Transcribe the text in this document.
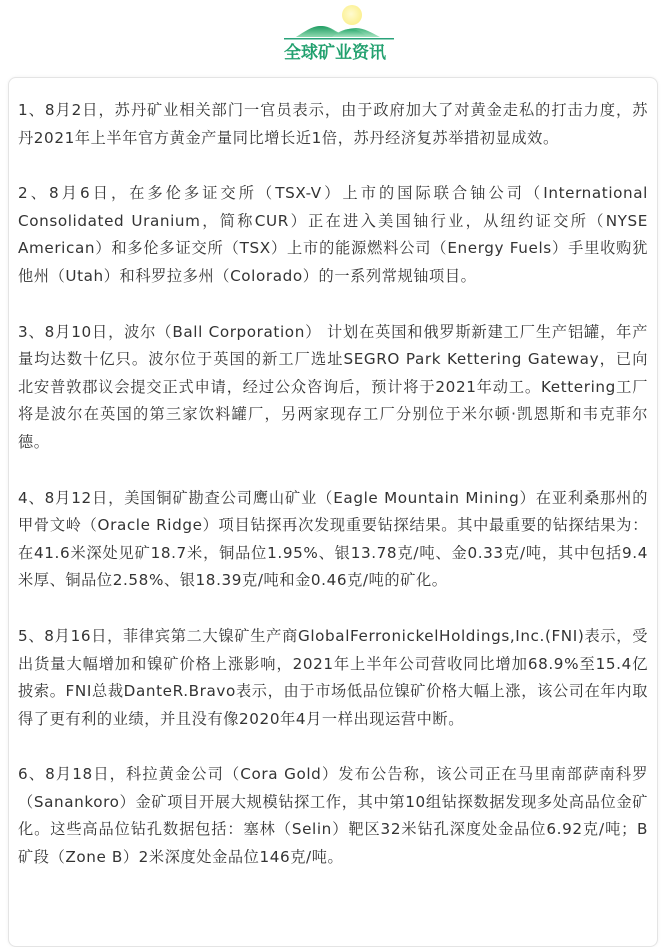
全球矿业资讯

1、8月2日，苏丹矿业相关部门一官员表示，由于政府加大了对黄金走私的打击力度，苏丹2021年上半年官方黄金产量同比增长近1倍，苏丹经济复苏举措初显成效。

2、8月6日，在多伦多证交所（TSX-V）上市的国际联合铀公司（International Consolidated Uranium，简称CUR）正在进入美国铀行业，从纽约证交所（NYSE American）和多伦多证交所（TSX）上市的能源燃料公司（Energy Fuels）手里收购犹他州（Utah）和科罗拉多州（Colorado）的一系列常规铀项目。

3、8月10日，波尔（Ball Corporation） 计划在英国和俄罗斯新建工厂生产铝罐，年产量均达数十亿只。波尔位于英国的新工厂选址SEGRO Park Kettering Gateway，已向北安普敦郡议会提交正式申请，经过公众咨询后，预计将于2021年动工。Kettering工厂将是波尔在英国的第三家饮料罐厂，另两家现存工厂分别位于米尔顿·凯恩斯和韦克菲尔德。

4、8月12日，美国铜矿勘查公司鹰山矿业（Eagle Mountain Mining）在亚利桑那州的甲骨文岭（Oracle Ridge）项目钻探再次发现重要钻探结果。其中最重要的钻探结果为：在41.6米深处见矿18.7米，铜品位1.95%、银13.78克/吨、金0.33克/吨，其中包括9.4米厚、铜品位2.58%、银18.39克/吨和金0.46克/吨的矿化。

5、8月16日，菲律宾第二大镍矿生产商GlobalFerronickelHoldings,Inc.(FNI)表示，受出货量大幅增加和镍矿价格上涨影响，2021年上半年公司营收同比增加68.9%至15.4亿披索。FNI总裁DanteR.Bravo表示，由于市场低品位镍矿价格大幅上涨，该公司在年内取得了更有利的业绩，并且没有像2020年4月一样出现运营中断。

6、8月18日，科拉黄金公司（Cora Gold）发布公告称，该公司正在马里南部萨南科罗（Sanankoro）金矿项目开展大规模钻探工作，其中第10组钻探数据发现多处高品位金矿化。这些高品位钻孔数据包括：塞林（Selin）靶区32米钻孔深度处金品位6.92克/吨；B矿段（Zone B）2米深度处金品位146克/吨。
